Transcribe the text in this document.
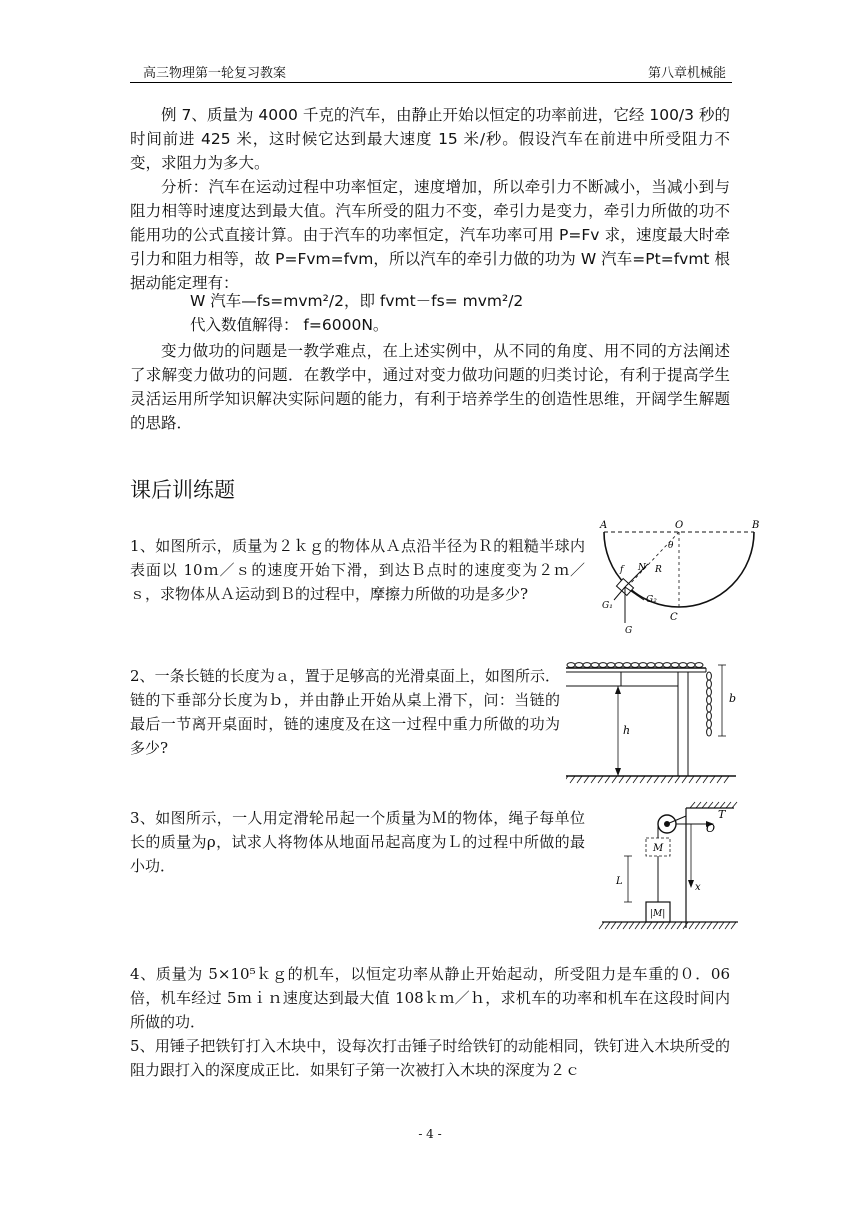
高三物理第一轮复习教案	第八章机械能

例 7、质量为 4000 千克的汽车，由静止开始以恒定的功率前进，它经 100/3 秒的时间前进 425 米，这时候它达到最大速度 15 米/秒。假设汽车在前进中所受阻力不变，求阻力为多大。

分析：汽车在运动过程中功率恒定，速度增加，所以牵引力不断减小，当减小到与阻力相等时速度达到最大值。汽车所受的阻力不变，牵引力是变力，牵引力所做的功不能用功的公式直接计算。由于汽车的功率恒定，汽车功率可用 P=Fv 求，速度最大时牵引力和阻力相等，故 P=Fvm=fvm，所以汽车的牵引力做的功为 W 汽车=Pt=fvmt 根据动能定理有：

W 汽车—fs=mvm²/2，即 fvmt－fs= mvm²/2
代入数值解得： f=6000N。

变力做功的问题是一教学难点，在上述实例中，从不同的角度、用不同的方法阐述了求解变力做功的问题．在教学中，通过对变力做功问题的归类讨论，有利于提高学生灵活运用所学知识解决实际问题的能力，有利于培养学生的创造性思维，开阔学生解题的思路．

课后训练题

1、如图所示，质量为２ｋｇ的物体从Ａ点沿半径为Ｒ的粗糙半球内表面以 10ｍ／ｓ的速度开始下滑，到达Ｂ点时的速度变为２ｍ／ｓ，求物体从Ａ运动到Ｂ的过程中，摩擦力所做的功是多少?

2、一条长链的长度为ａ，置于足够高的光滑桌面上，如图所示．链的下垂部分长度为ｂ，并由静止开始从桌上滑下，问：当链的最后一节离开桌面时，链的速度及在这一过程中重力所做的功为多少?

3、如图所示，一人用定滑轮吊起一个质量为Ｍ的物体，绳子每单位长的质量为ρ，试求人将物体从地面吊起高度为Ｌ的过程中所做的最小功．

4、质量为 5×10⁵ｋｇ的机车，以恒定功率从静止开始起动，所受阻力是车重的０．06 倍，机车经过 5ｍｉｎ速度达到最大值 108ｋｍ／ｈ，求机车的功率和机车在这段时间内所做的功．

5、用锤子把铁钉打入木块中，设每次打击锤子时给铁钉的动能相同，铁钉进入木块所受的阻力跟打入的深度成正比．如果钉子第一次被打入木块的深度为２ｃ

A	O	B
θ
N
f	R
G₁
G₂
C
G
b
h
T
O
M
L
|M|
x
- 4 -
